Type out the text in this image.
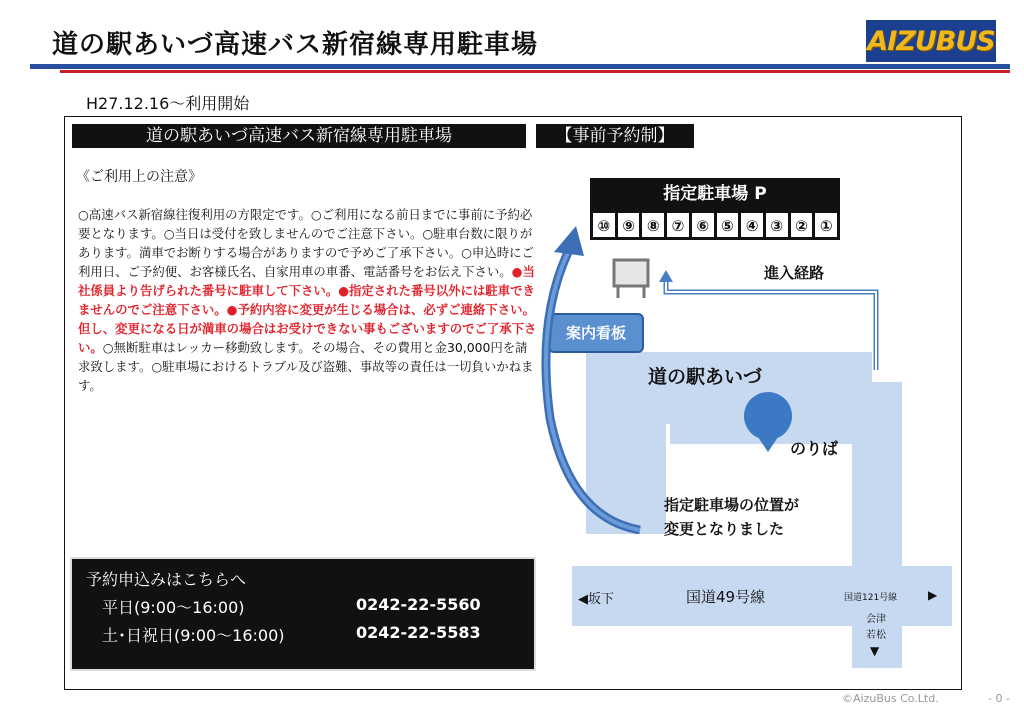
道の駅あいづ高速バス新宿線専用駐車場	AIZUBUS
H27.12.16～利用開始
道の駅あいづ高速バス新宿線専用駐車場	【事前予約制】
《ご利用上の注意》
○高速バス新宿線往復利用の方限定です。○ご利用になる前日までに事前に予約必要となります。○当日は受付を致しませんのでご注意下さい。○駐車台数に限りがあります。満車でお断りする場合がありますので予めご了承下さい。○申込時にご利用日、ご予約便、お客様氏名、自家用車の車番、電話番号をお伝え下さい。●当社係員より告げられた番号に駐車して下さい。●指定された番号以外には駐車できませんのでご注意下さい。●予約内容に変更が生じる場合は、必ずご連絡下さい。但し、変更になる日が満車の場合はお受けできない事もございますのでご了承下さい。○無断駐車はレッカー移動致します。その場合、その費用と金30,000円を請求致します。○駐車場におけるトラブル及び盗難、事故等の責任は一切負いかねます。
予約申込みはこちらへ
平日(9:00～16:00)	0242-22-5560
土･日祝日(9:00～16:00)	0242-22-5583
指定駐車場 P
⑩ ⑨ ⑧ ⑦ ⑥ ⑤ ④ ③ ② ①
進入経路
案内看板
道の駅あいづ
のりば
指定駐車場の位置が
変更となりました
◀坂下	国道49号線	国道121号線	▶
会津
若松
▼
©AizuBus Co.Ltd.	- 0 -
